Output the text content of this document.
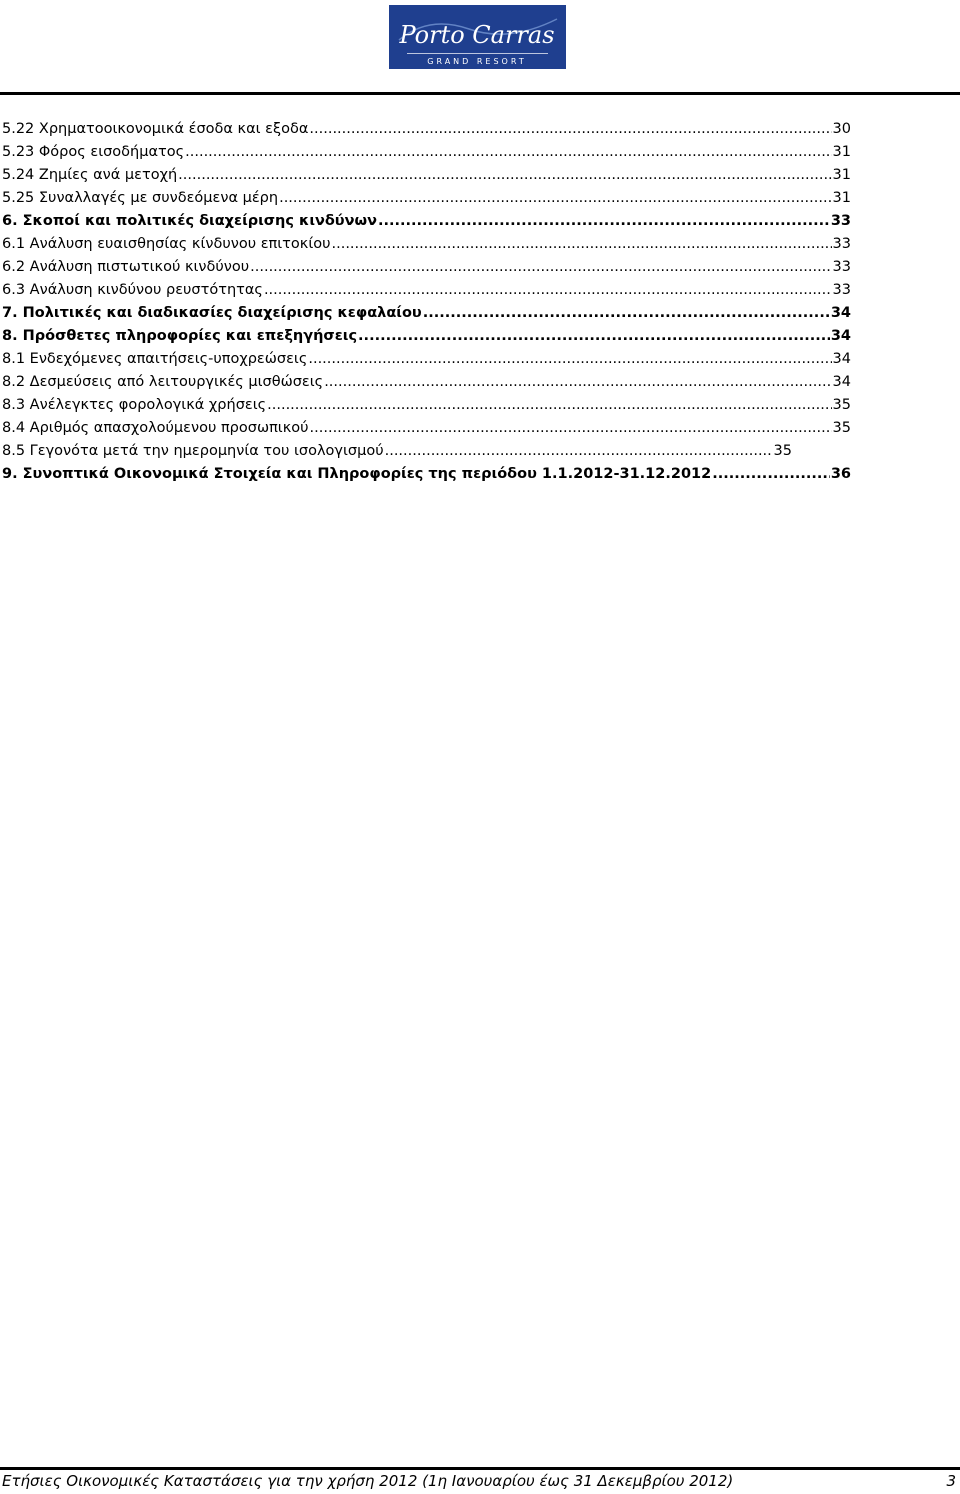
Porto Carras
GRAND RESORT
5.22 Χρηματοοικονομικά έσοδα και εξοδα .....	30
5.23 Φόρος εισοδήματος .....	31
5.24 Ζημίες ανά μετοχή .....	31
5.25 Συναλλαγές με συνδεόμενα μέρη .....	31
6. Σκοποί και πολιτικές διαχείρισης κινδύνων .....	33
6.1 Ανάλυση ευαισθησίας κίνδυνου επιτοκίου .....	33
6.2 Ανάλυση πιστωτικού κινδύνου .....	33
6.3 Ανάλυση κινδύνου ρευστότητας .....	33
7. Πολιτικές και διαδικασίες διαχείρισης κεφαλαίου .....	34
8. Πρόσθετες πληροφορίες και επεξηγήσεις .....	34
8.1 Ενδεχόμενες απαιτήσεις-υποχρεώσεις .....	34
8.2 Δεσμεύσεις από λειτουργικές μισθώσεις .....	34
8.3 Ανέλεγκτες φορολογικά χρήσεις .....	35
8.4 Αριθμός απασχολούμενου προσωπικού .....	35
8.5 Γεγονότα μετά την ημερομηνία του ισολογισμού .....	35
9. Συνοπτικά Οικονομικά Στοιχεία και Πληροφορίες της περιόδου 1.1.2012-31.12.2012 .....	36
Ετήσιες Οικονομικές Καταστάσεις για την χρήση 2012 (1η Ιανουαρίου έως 31 Δεκεμβρίου 2012)	3
